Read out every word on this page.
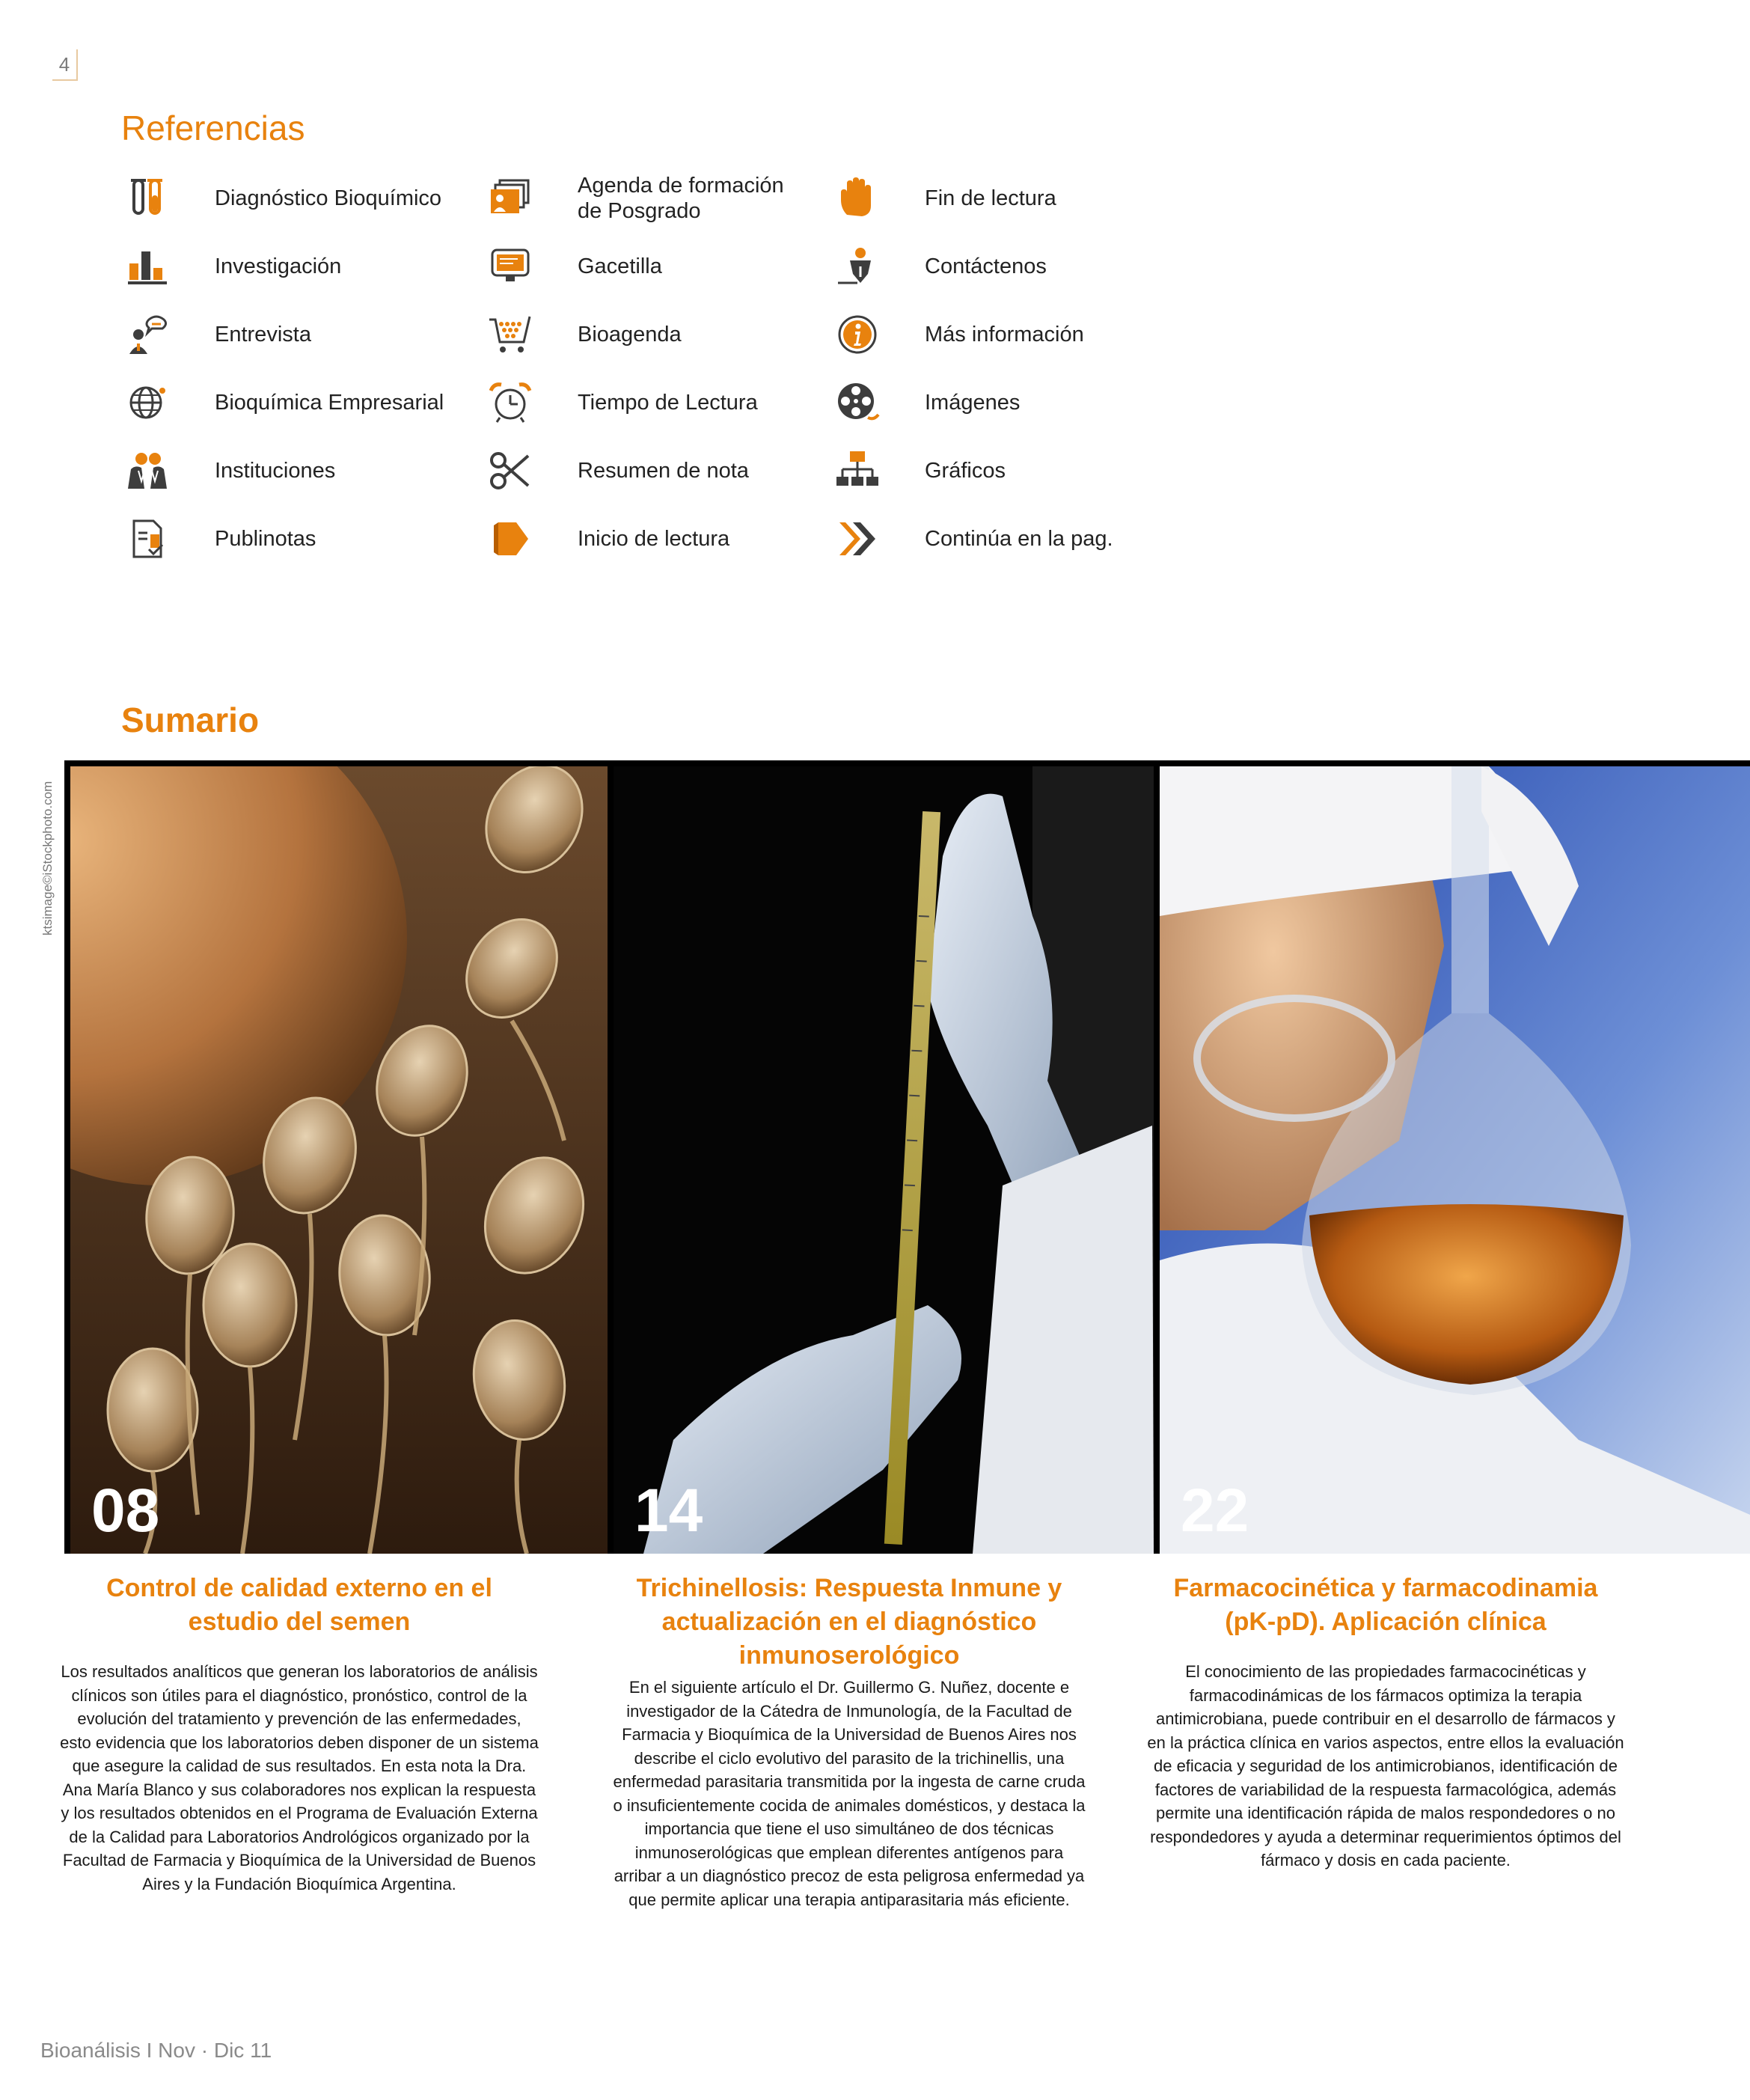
4
Referencias
Diagnóstico Bioquímico
Investigación
Entrevista
Bioquímica Empresarial
Instituciones
Publinotas
Agenda de formación de Posgrado
Gacetilla
Bioagenda
Tiempo de Lectura
Resumen de nota
Inicio de lectura
Fin de lectura
Contáctenos
Más información
Imágenes
Gráficos
Continúa en la pag.
Sumario
ktsimage©iStockphoto.com
08	14	22
Control de calidad externo en el estudio del semen

Los resultados analíticos que generan los laboratorios de análisis clínicos son útiles para el diagnóstico, pronóstico, control de la evolución del tratamiento y prevención de las enfermedades, esto evidencia que los laboratorios deben disponer de un sistema que asegure la calidad de sus resultados. En esta nota la Dra. Ana María Blanco y sus colaboradores nos explican la respuesta y los resultados obtenidos en el Programa de Evaluación Externa de la Calidad para Laboratorios Andrológicos organizado por la Facultad de Farmacia y Bioquímica de la Universidad de Buenos Aires y la Fundación Bioquímica Argentina.

Trichinellosis: Respuesta Inmune y actualización en el diagnóstico inmunoserológico

En el siguiente artículo el Dr. Guillermo G. Nuñez, docente e investigador de la Cátedra de Inmunología, de la Facultad de Farmacia y Bioquímica de la Universidad de Buenos Aires nos describe el ciclo evolutivo del parasito de la trichinellis, una enfermedad parasitaria transmitida por la ingesta de carne cruda o insuficientemente cocida de animales domésticos, y destaca la importancia que tiene el uso simultáneo de dos técnicas inmunoserológicas que emplean diferentes antígenos para arribar a un diagnóstico precoz de esta peligrosa enfermedad ya que permite aplicar una terapia antiparasitaria más eficiente.

Farmacocinética y farmacodinamia (pK-pD). Aplicación clínica

El conocimiento de las propiedades farmacocinéticas y farmacodinámicas de los fármacos optimiza la terapia antimicrobiana, puede contribuir en el desarrollo de fármacos y en la práctica clínica en varios aspectos, entre ellos la evaluación de eficacia y seguridad de los antimicrobianos, identificación de factores de variabilidad de la respuesta farmacológica, además permite una identificación rápida de malos respondedores o no respondedores y ayuda a determinar requerimientos óptimos del fármaco y dosis en cada paciente.

Bioanálisis I Nov · Dic 11
